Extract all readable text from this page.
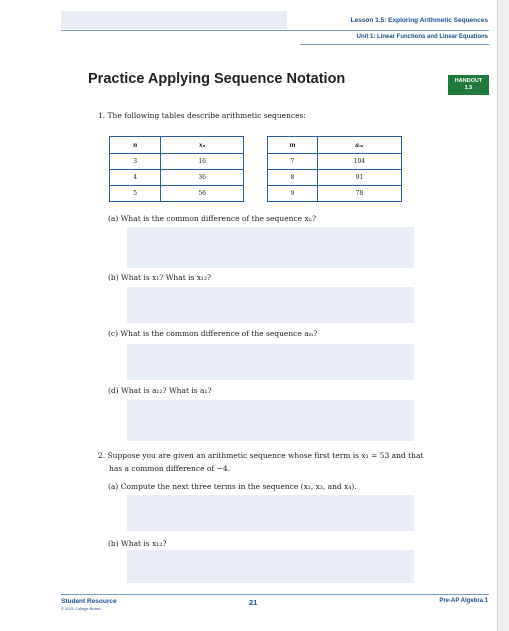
Lesson 1.5: Exploring Arithmetic Sequences
Unit 1: Linear Functions and Linear Equations
Practice Applying Sequence Notation	HANDOUT
1.5
1. The following tables describe arithmetic sequences:
n	xₙ
3	16
4	36
5	56
m	aₘ
7	104
8	91
9	78
(a) What is the common difference of the sequence xₙ?
(b) What is x₁? What is x₁₂?
(c) What is the common difference of the sequence aₘ?
(d) What is a₁₂? What is a₁?
2. Suppose you are given an arithmetic sequence whose first term is x₁ = 53 and that
has a common difference of −4.
(a) Compute the next three terms in the sequence (x₂, x₃, and x₄).
(b) What is x₁₂?
Student Resource
© 2021 College Board
21	Pre-AP Algebra 1
